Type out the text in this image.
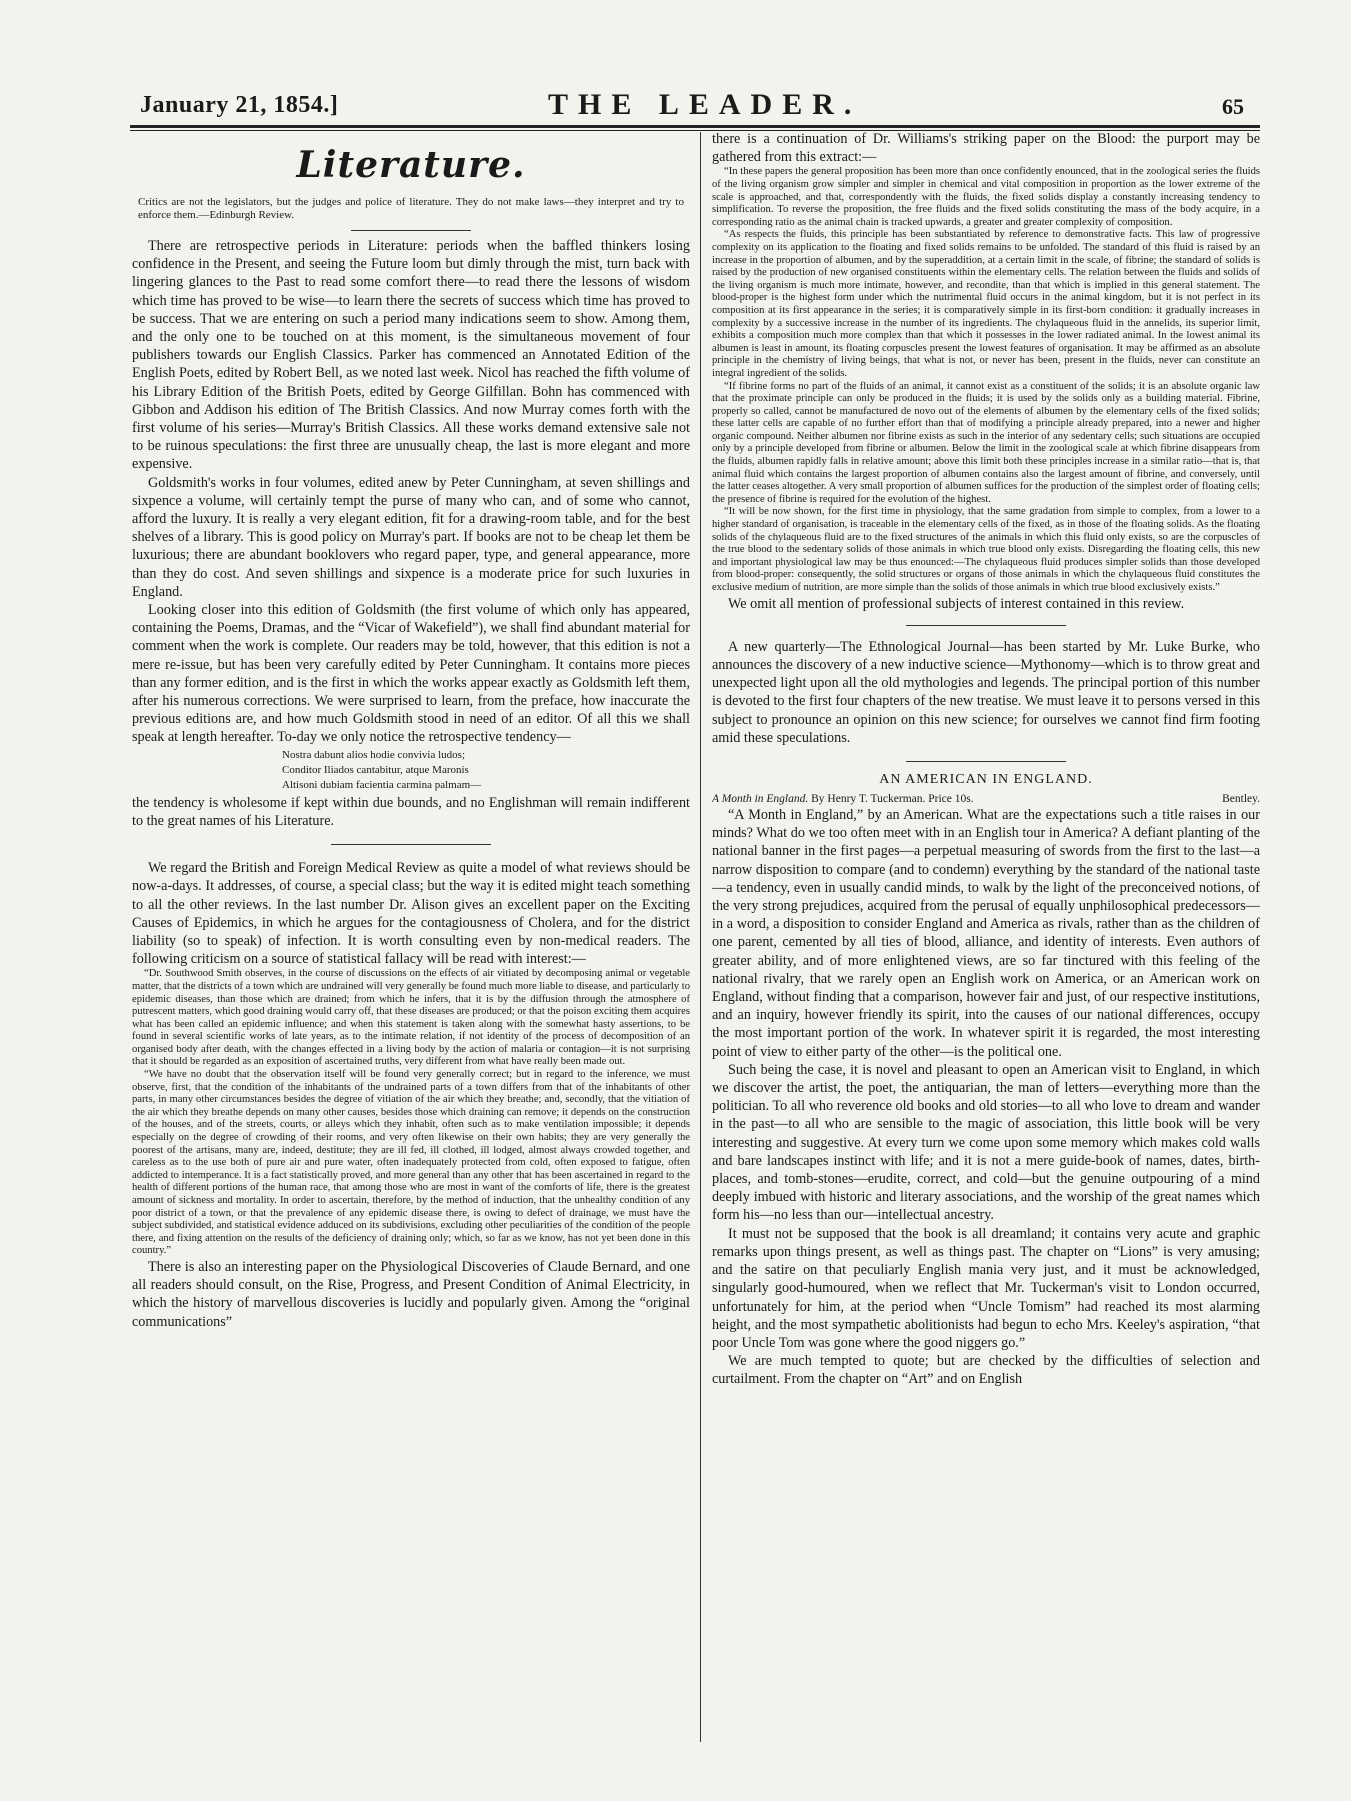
January 21, 1854.]	THE LEADER.	65
Literature.
Critics are not the legislators, but the judges and police of literature. They do not make laws—they interpret and try to enforce them.—Edinburgh Review.

There are retrospective periods in Literature: periods when the baffled thinkers losing confidence in the Present, and seeing the Future loom but dimly through the mist, turn back with lingering glances to the Past to read some comfort there—to read there the lessons of wisdom which time has proved to be wise—to learn there the secrets of success which time has proved to be success. That we are entering on such a period many indications seem to show. Among them, and the only one to be touched on at this moment, is the simultaneous movement of four publishers towards our English Classics. Parker has commenced an Annotated Edition of the English Poets, edited by Robert Bell, as we noted last week. Nicol has reached the fifth volume of his Library Edition of the British Poets, edited by George Gilfillan. Bohn has commenced with Gibbon and Addison his edition of The British Classics. And now Murray comes forth with the first volume of his series—Murray's British Classics. All these works demand extensive sale not to be ruinous speculations: the first three are unusually cheap, the last is more elegant and more expensive.

Goldsmith's works in four volumes, edited anew by Peter Cunningham, at seven shillings and sixpence a volume, will certainly tempt the purse of many who can, and of some who cannot, afford the luxury. It is really a very elegant edition, fit for a drawing-room table, and for the best shelves of a library. This is good policy on Murray's part. If books are not to be cheap let them be luxurious; there are abundant booklovers who regard paper, type, and general appearance, more than they do cost. And seven shillings and sixpence is a moderate price for such luxuries in England.

Looking closer into this edition of Goldsmith (the first volume of which only has appeared, containing the Poems, Dramas, and the “Vicar of Wakefield”), we shall find abundant material for comment when the work is complete. Our readers may be told, however, that this edition is not a mere re-issue, but has been very carefully edited by Peter Cunningham. It contains more pieces than any former edition, and is the first in which the works appear exactly as Goldsmith left them, after his numerous corrections. We were surprised to learn, from the preface, how inaccurate the previous editions are, and how much Goldsmith stood in need of an editor. Of all this we shall speak at length hereafter. To-day we only notice the retrospective tendency—

Nostra dabunt alios hodie convivia ludos;
Conditor Iliados cantabitur, atque Maronis
Altisoni dubiam facientia carmina palmam—

the tendency is wholesome if kept within due bounds, and no Englishman will remain indifferent to the great names of his Literature.

We regard the British and Foreign Medical Review as quite a model of what reviews should be now-a-days. It addresses, of course, a special class; but the way it is edited might teach something to all the other reviews. In the last number Dr. Alison gives an excellent paper on the Exciting Causes of Epidemics, in which he argues for the contagiousness of Cholera, and for the district liability (so to speak) of infection. It is worth consulting even by non-medical readers. The following criticism on a source of statistical fallacy will be read with interest:—

“Dr. Southwood Smith observes, in the course of discussions on the effects of air vitiated by decomposing animal or vegetable matter, that the districts of a town which are undrained will very generally be found much more liable to disease, and particularly to epidemic diseases, than those which are drained; from which he infers, that it is by the diffusion through the atmosphere of putrescent matters, which good draining would carry off, that these diseases are produced; or that the poison exciting them acquires what has been called an epidemic influence; and when this statement is taken along with the somewhat hasty assertions, to be found in several scientific works of late years, as to the intimate relation, if not identity of the process of decomposition of an organised body after death, with the changes effected in a living body by the action of malaria or contagion—it is not surprising that it should be regarded as an exposition of ascertained truths, very different from what have really been made out.

“We have no doubt that the observation itself will be found very generally correct; but in regard to the inference, we must observe, first, that the condition of the inhabitants of the undrained parts of a town differs from that of the inhabitants of other parts, in many other circumstances besides the degree of vitiation of the air which they breathe; and, secondly, that the vitiation of the air which they breathe depends on many other causes, besides those which draining can remove; it depends on the construction of the houses, and of the streets, courts, or alleys which they inhabit, often such as to make ventilation impossible; it depends especially on the degree of crowding of their rooms, and very often likewise on their own habits; they are very generally the poorest of the artisans, many are, indeed, destitute; they are ill fed, ill clothed, ill lodged, almost always crowded together, and careless as to the use both of pure air and pure water, often inadequately protected from cold, often exposed to fatigue, often addicted to intemperance. It is a fact statistically proved, and more general than any other that has been ascertained in regard to the health of different portions of the human race, that among those who are most in want of the comforts of life, there is the greatest amount of sickness and mortality. In order to ascertain, therefore, by the method of induction, that the unhealthy condition of any poor district of a town, or that the prevalence of any epidemic disease there, is owing to defect of drainage, we must have the subject subdivided, and statistical evidence adduced on its subdivisions, excluding other peculiarities of the condition of the people there, and fixing attention on the results of the deficiency of draining only; which, so far as we know, has not yet been done in this country.”

There is also an interesting paper on the Physiological Discoveries of Claude Bernard, and one all readers should consult, on the Rise, Progress, and Present Condition of Animal Electricity, in which the history of marvellous discoveries is lucidly and popularly given. Among the “original communications”

there is a continuation of Dr. Williams's striking paper on the Blood: the purport may be gathered from this extract:—

“In these papers the general proposition has been more than once confidently enounced, that in the zoological series the fluids of the living organism grow simpler and simpler in chemical and vital composition in proportion as the lower extreme of the scale is approached, and that, correspondently with the fluids, the fixed solids display a constantly increasing tendency to simplification. To reverse the proposition, the free fluids and the fixed solids constituting the mass of the body acquire, in a corresponding ratio as the animal chain is tracked upwards, a greater and greater complexity of composition.

“As respects the fluids, this principle has been substantiated by reference to demonstrative facts. This law of progressive complexity on its application to the floating and fixed solids remains to be unfolded. The standard of this fluid is raised by an increase in the proportion of albumen, and by the superaddition, at a certain limit in the scale, of fibrine; the standard of solids is raised by the production of new organised constituents within the elementary cells. The relation between the fluids and solids of the living organism is much more intimate, however, and recondite, than that which is implied in this general statement. The blood-proper is the highest form under which the nutrimental fluid occurs in the animal kingdom, but it is not perfect in its composition at its first appearance in the series; it is comparatively simple in its first-born condition: it gradually increases in complexity by a successive increase in the number of its ingredients. The chylaqueous fluid in the annelids, its superior limit, exhibits a composition much more complex than that which it possesses in the lower radiated animal. In the lowest animal its albumen is least in amount, its floating corpuscles present the lowest features of organisation. It may be affirmed as an absolute principle in the chemistry of living beings, that what is not, or never has been, present in the fluids, never can constitute an integral ingredient of the solids.

“If fibrine forms no part of the fluids of an animal, it cannot exist as a constituent of the solids; it is an absolute organic law that the proximate principle can only be produced in the fluids; it is used by the solids only as a building material. Fibrine, properly so called, cannot be manufactured de novo out of the elements of albumen by the elementary cells of the fixed solids; these latter cells are capable of no further effort than that of modifying a principle already prepared, into a newer and higher organic compound. Neither albumen nor fibrine exists as such in the interior of any sedentary cells; such situations are occupied only by a principle developed from fibrine or albumen. Below the limit in the zoological scale at which fibrine disappears from the fluids, albumen rapidly falls in relative amount; above this limit both these principles increase in a similar ratio—that is, that animal fluid which contains the largest proportion of albumen contains also the largest amount of fibrine, and conversely, until the latter ceases altogether. A very small proportion of albumen suffices for the production of the simplest order of floating cells; the presence of fibrine is required for the evolution of the highest.

“It will be now shown, for the first time in physiology, that the same gradation from simple to complex, from a lower to a higher standard of organisation, is traceable in the elementary cells of the fixed, as in those of the floating solids. As the floating solids of the chylaqueous fluid are to the fixed structures of the animals in which this fluid only exists, so are the corpuscles of the true blood to the sedentary solids of those animals in which true blood only exists. Disregarding the floating cells, this new and important physiological law may be thus enounced:—The chylaqueous fluid produces simpler solids than those developed from blood-proper: consequently, the solid structures or organs of those animals in which the chylaqueous fluid constitutes the exclusive medium of nutrition, are more simple than the solids of those animals in which true blood exclusively exists.”

We omit all mention of professional subjects of interest contained in this review.

A new quarterly—The Ethnological Journal—has been started by Mr. Luke Burke, who announces the discovery of a new inductive science—Mythonomy—which is to throw great and unexpected light upon all the old mythologies and legends. The principal portion of this number is devoted to the first four chapters of the new treatise. We must leave it to persons versed in this subject to pronounce an opinion on this new science; for ourselves we cannot find firm footing amid these speculations.

AN AMERICAN IN ENGLAND.
A Month in England. By Henry T. Tuckerman. Price 10s.	Bentley.

“A Month in England,” by an American. What are the expectations such a title raises in our minds? What do we too often meet with in an English tour in America? A defiant planting of the national banner in the first pages—a perpetual measuring of swords from the first to the last—a narrow disposition to compare (and to condemn) everything by the standard of the national taste—a tendency, even in usually candid minds, to walk by the light of the preconceived notions, of the very strong prejudices, acquired from the perusal of equally unphilosophical predecessors—in a word, a disposition to consider England and America as rivals, rather than as the children of one parent, cemented by all ties of blood, alliance, and identity of interests. Even authors of greater ability, and of more enlightened views, are so far tinctured with this feeling of the national rivalry, that we rarely open an English work on America, or an American work on England, without finding that a comparison, however fair and just, of our respective institutions, and an inquiry, however friendly its spirit, into the causes of our national differences, occupy the most important portion of the work. In whatever spirit it is regarded, the most interesting point of view to either party of the other—is the political one.

Such being the case, it is novel and pleasant to open an American visit to England, in which we discover the artist, the poet, the antiquarian, the man of letters—everything more than the politician. To all who reverence old books and old stories—to all who love to dream and wander in the past—to all who are sensible to the magic of association, this little book will be very interesting and suggestive. At every turn we come upon some memory which makes cold walls and bare landscapes instinct with life; and it is not a mere guide-book of names, dates, birth-places, and tomb-stones—erudite, correct, and cold—but the genuine outpouring of a mind deeply imbued with historic and literary associations, and the worship of the great names which form his—no less than our—intellectual ancestry.

It must not be supposed that the book is all dreamland; it contains very acute and graphic remarks upon things present, as well as things past. The chapter on “Lions” is very amusing; and the satire on that peculiarly English mania very just, and it must be acknowledged, singularly good-humoured, when we reflect that Mr. Tuckerman's visit to London occurred, unfortunately for him, at the period when “Uncle Tomism” had reached its most alarming height, and the most sympathetic abolitionists had begun to echo Mrs. Keeley's aspiration, “that poor Uncle Tom was gone where the good niggers go.”

We are much tempted to quote; but are checked by the difficulties of selection and curtailment. From the chapter on “Art” and on English
